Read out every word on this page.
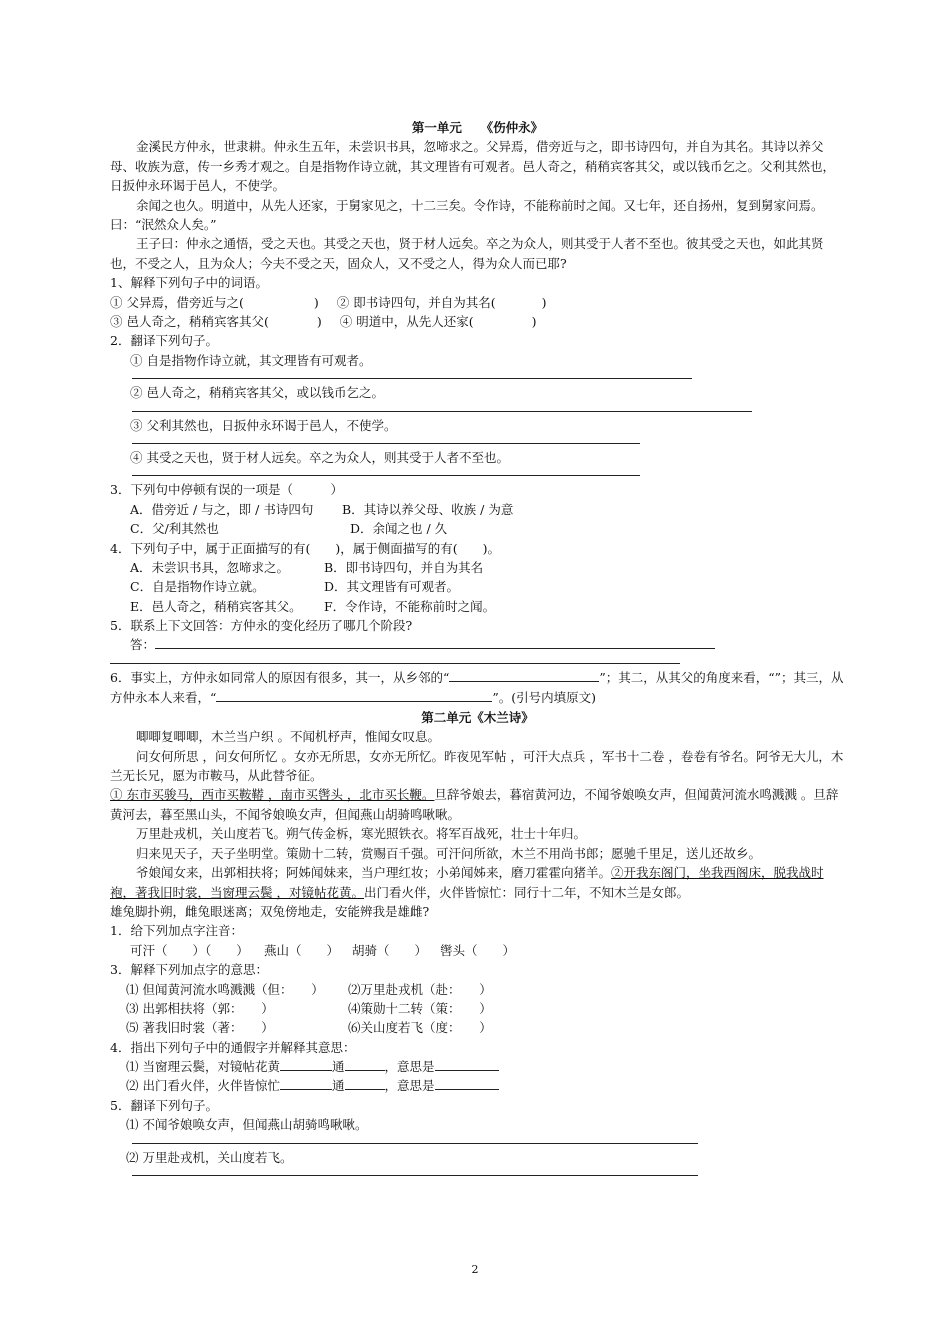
第一单元　　《伤仲永》
金溪民方仲永，世隶耕。仲永生五年，未尝识书具，忽啼求之。父异焉，借旁近与之，即书诗四句，并自为其名。其诗以养父母、收族为意，传一乡秀才观之。自是指物作诗立就，其文理皆有可观者。邑人奇之，稍稍宾客其父，或以钱币乞之。父利其然也，日扳仲永环谒于邑人，不使学。
余闻之也久。明道中，从先人还家，于舅家见之，十二三矣。令作诗，不能称前时之闻。又七年，还自扬州，复到舅家问焉。曰：“泯然众人矣。”
王子曰：仲永之通悟，受之天也。其受之天也，贤于材人远矣。卒之为众人，则其受于人者不至也。彼其受之天也，如此其贤也，不受之人，且为众人；今夫不受之天，固众人，又不受之人，得为众人而已耶?
1、解释下列句子中的词语。
① 父异焉，借旁近与之(	) ② 即书诗四句，并自为其名(	)
③ 邑人奇之，稍稍宾客其父(	) ④ 明道中，从先人还家(	)
2．翻译下列句子。
① 自是指物作诗立就，其文理皆有可观者。
② 邑人奇之，稍稍宾客其父，或以钱币乞之。
③ 父利其然也，日扳仲永环谒于邑人，不使学。
④ 其受之天也，贤于材人远矣。卒之为众人，则其受于人者不至也。
3．下列句中停顿有误的一项是（　　　）
A．借旁近 / 与之，即 / 书诗四句 B．其诗以养父母、收族 / 为意
C．父/利其然也	D．余闻之也 / 久
4．下列句子中，属于正面描写的有(　　)，属于侧面描写的有(　　)。
A．未尝识书具，忽啼求之。	B．即书诗四句，并自为其名
C．自是指物作诗立就。	D．其文理皆有可观者。
E．邑人奇之，稍稍宾客其父。 F．令作诗，不能称前时之闻。
5．联系上下文回答：方仲永的变化经历了哪几个阶段?
答：
6．事实上，方仲永如同常人的原因有很多，其一，从乡邻的“	”；其二，从其父的角度来看，“”；其三，从方仲永本人来看，“	”。(引号内填原文)
第二单元《木兰诗》
唧唧复唧唧，木兰当户织 。不闻机杼声，惟闻女叹息。
问女何所思 ，问女何所忆 。女亦无所思，女亦无所忆。昨夜见军帖 ，可汗大点兵 ，军书十二卷 ，卷卷有爷名。阿爷无大儿，木兰无长兄，愿为市鞍马，从此替爷征。
① 东市买骏马，西市买鞍鞯 ，南市买辔头 ，北市买长鞭。旦辞爷娘去，暮宿黄河边，不闻爷娘唤女声，但闻黄河流水鸣溅溅 。旦辞黄河去，暮至黑山头，不闻爷娘唤女声，但闻燕山胡骑鸣啾啾。
万里赴戎机，关山度若飞。朔气传金柝，寒光照铁衣。将军百战死，壮士十年归。
归来见天子，天子坐明堂。策勋十二转，赏赐百千强。可汗问所欲，木兰不用尚书郎；愿驰千里足，送儿还故乡。
爷娘闻女来，出郭相扶将；阿姊闻妹来，当户理红妆；小弟闻姊来，磨刀霍霍向猪羊。②开我东阁门，坐我西阁床，脱我战时袍，著我旧时裳，当窗理云鬓 ，对镜帖花黄。出门看火伴，火伴皆惊忙：同行十二年，不知木兰是女郎。
雄兔脚扑朔，雌兔眼迷离；双兔傍地走，安能辨我是雄雌?
1．给下列加点字注音：
可汗（　　）（　　） 燕山（　　） 胡骑（　　） 辔头（　　）
3．解释下列加点字的意思：
⑴ 但闻黄河流水鸣溅溅（但：　　） ⑵万里赴戎机（赴：　　）
⑶ 出郭相扶将（郭：　　）	⑷策勋十二转（策：　　）
⑸ 著我旧时裳（著：　　）	⑹关山度若飞（度：　　）
4．指出下列句子中的通假字并解释其意思：
⑴ 当窗理云鬓，对镜帖花黄	通	，意思是
⑵ 出门看火伴，火伴皆惊忙	通	，意思是
5．翻译下列句子。
⑴ 不闻爷娘唤女声，但闻燕山胡骑鸣啾啾。
⑵ 万里赴戎机，关山度若飞。
2
